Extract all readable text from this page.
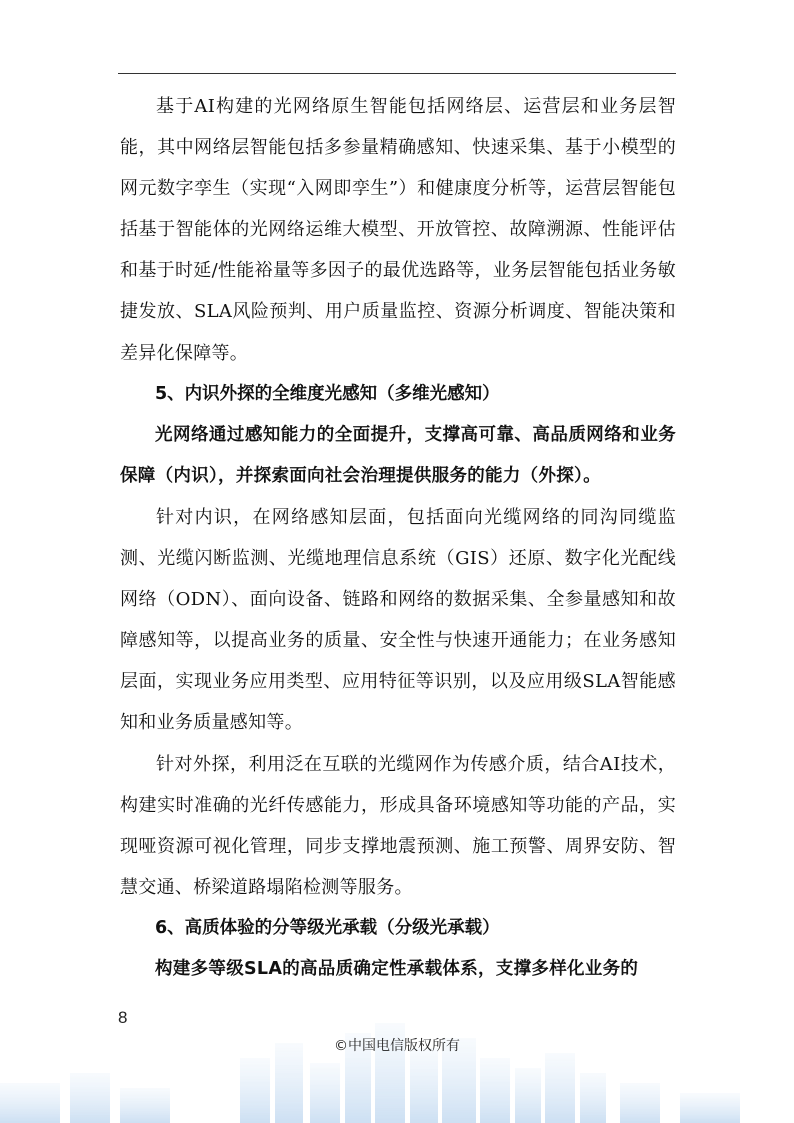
基于AI构建的光网络原生智能包括网络层、运营层和业务层智能，其中网络层智能包括多参量精确感知、快速采集、基于小模型的网元数字孪生（实现“入网即孪生”）和健康度分析等，运营层智能包括基于智能体的光网络运维大模型、开放管控、故障溯源、性能评估和基于时延/性能裕量等多因子的最优选路等，业务层智能包括业务敏捷发放、SLA风险预判、用户质量监控、资源分析调度、智能决策和差异化保障等。

5、内识外探的全维度光感知（多维光感知）

光网络通过感知能力的全面提升，支撑高可靠、高品质网络和业务保障（内识），并探索面向社会治理提供服务的能力（外探）。

针对内识，在网络感知层面，包括面向光缆网络的同沟同缆监测、光缆闪断监测、光缆地理信息系统（GIS）还原、数字化光配线网络（ODN）、面向设备、链路和网络的数据采集、全参量感知和故障感知等，以提高业务的质量、安全性与快速开通能力；在业务感知层面，实现业务应用类型、应用特征等识别，以及应用级SLA智能感知和业务质量感知等。

针对外探，利用泛在互联的光缆网作为传感介质，结合AI技术，构建实时准确的光纤传感能力，形成具备环境感知等功能的产品，实现哑资源可视化管理，同步支撑地震预测、施工预警、周界安防、智慧交通、桥梁道路塌陷检测等服务。

6、高质体验的分等级光承载（分级光承载）

构建多等级SLA的高品质确定性承载体系，支撑多样化业务的

8
©中国电信版权所有
